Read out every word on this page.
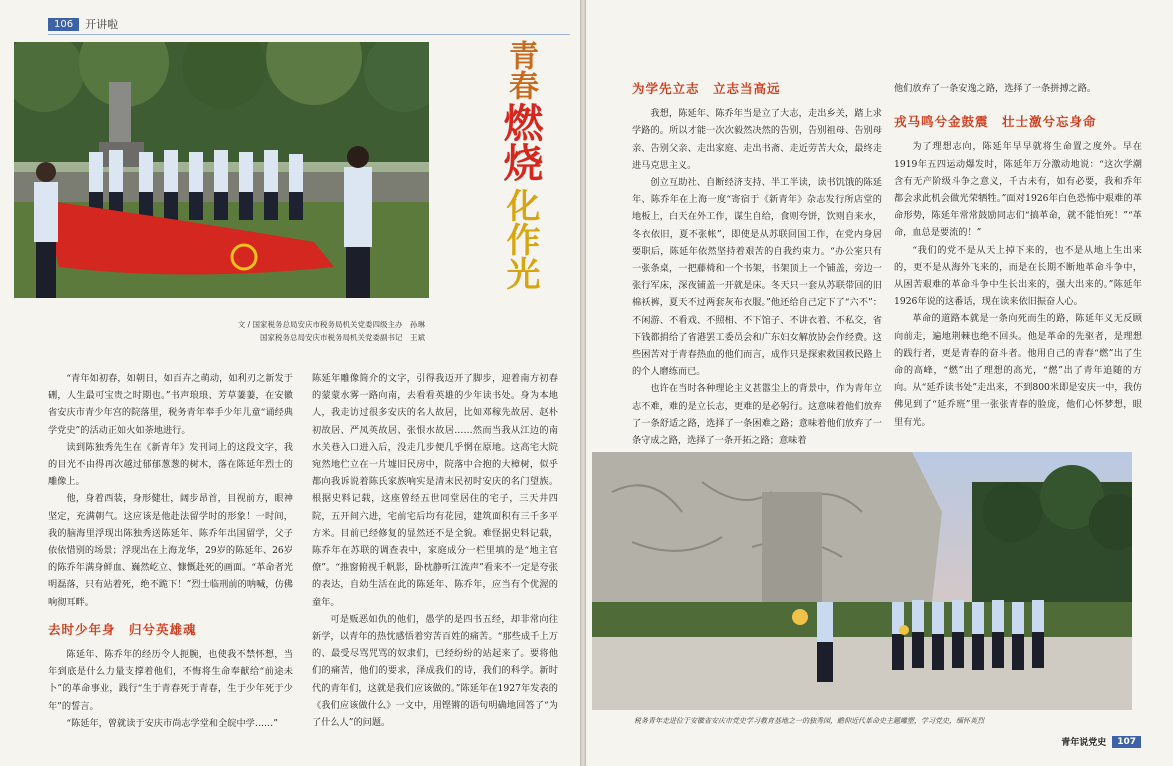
106	开讲啦
青春
燃烧
化作光
文 / 国家税务总局安庆市税务局机关党委四级主办　孙琳
国家税务总局安庆市税务局机关党委副书记　王斌

“青年如初春，如朝日，如百卉之萌动，如利刃之新发于硎，人生最可宝贵之时期也。”书声琅琅、芳草萋萋，在安徽省安庆市青少年宫的院落里，税务青年奉手少年儿童“诵经典 学党史”的活动正如火如荼地进行。

读到陈独秀先生在《新青年》发刊词上的这段文字，我的目光不由得再次越过郁郁葱葱的树木，落在陈延年烈士的雕像上。

他，身着西装，身形健壮，阔步昂首，目视前方，眼神坚定，充满朝气。这应该是他赴法留学时的形象！一时间，我的脑海里浮现出陈独秀送陈延年、陈乔年出国留学，父子依依惜别的场景；浮现出在上海龙华，29岁的陈延年、26岁的陈乔年满身鲜血、巍然屹立、慷慨赴死的画面。“革命者光明磊落，只有站着死，绝不跪下！”烈士临刑前的呐喊，仿佛响彻耳畔。

去时少年身　归兮英雄魂

陈延年、陈乔年的经历令人扼腕，也使我不禁怀想，当年到底是什么力量支撑着他们，不悔将生命奉献给“前途未卜”的革命事业，践行“生于青春死于青春，生于少年死于少年”的誓言。

“陈延年，曾就读于安庆市尚志学堂和全皖中学……”

陈延年雕像简介的文字，引得我迈开了脚步，迎着南方初春的蒙蒙水雾一路向南，去看看英雄的少年读书处。身为本地人，我走访过很多安庆的名人故居，比如邓稼先故居、赵朴初故居、严凤英故居、张恨水故居……然而当我从江边的南水关巷入口进入后，没走几步便几乎惘在原地。这高宅大院宛然地伫立在一片墟旧民房中，院落中合抱的大樟树，似乎都向我诉说着陈氏家族响实是清末民初时安庆的名门望族。根据史料记载，这座曾经五世同堂居住的宅子，三天井四院，五开间六进，宅前宅后均有花园，建筑面积有三千多平方米。目前已经修复的显然还不是全貌。难怪据史料记载，陈乔年在苏联的调查表中，家庭成分一栏里填的是“地主官僚”。“推窗俯视千帆影，卧枕静听江流声”看来不一定是夸张的表达，自幼生活在此的陈延年、陈乔年，应当有个优渥的童年。

可是贩恶如仇的他们，愚学的是四书五经，却非常向往新学，以青年的热忱感悟着穷苦百姓的痛苦。“那些成千上万的、最受尽骂咒骂的奴隶们，已经纷纷的站起来了。要将他们的痛苦，他们的要求，泽成我们的诗，我们的科学。新时代的青年们，这就是我们应该做的。”陈延年在1927年发表的《我们应该做什么》一文中，用铿锵的语句明确地回答了“为了什么人”的问题。

为学先立志　立志当高远

我想，陈延年、陈乔年当是立了大志，走出乡关，踏上求学路的。所以才能一次次毅然决然的告别，告别祖母、告别母亲、告别父亲、走出家庭、走出书斋、走近劳苦大众，最终走进马克思主义。

创立互助社、自断经济支持、半工半读，读书饥饿的陈延年、陈乔年在上海一度“寄宿于《新青年》杂志发行所店堂的地板上，白天在外工作，谋生自给，食则夸饼，饮则自来水，冬衣依旧，夏不张帐”，即使是从苏联回国工作，在党内身居要职后，陈延年依然坚持着艰苦的自我约束力。“办公室只有一张条桌，一把藤椅和一个书架，书架顶上一个铺盖，旁边一张行军床，深夜铺盖一开就是床。冬天只一套从苏联带回的旧棉袄裤，夏天不过两套灰布衣服。”他还给自己定下了“六不”：不闲游、不看戏、不照相、不下馆子、不讲衣着、不私交，省下钱都捐给了省港罢工委员会和广东妇女解放协会作经费。这些困苦对于青春热血的他们而言，成作只是探索救国救民路上的个人磨练而已。

也许在当时各种理论主义甚嚣尘上的背景中，作为青年立志不难，难的是立长志，更难的是必躬行。这意味着他们放弃了一条舒适之路，选择了一条困难之路；意味着他们放弃了一条守成之路，选择了一条开拓之路；意味着

他们放弃了一条安逸之路，选择了一条拼搏之路。

戎马鸣兮金鼓震　壮士激兮忘身命

为了理想志向，陈延年早早就将生命置之度外。早在1919年五四运动爆发时，陈延年万分激动地说：“这次学潮含有无产阶级斗争之意义，千古未有，如有必要，我和乔年都会求此机会做光荣牺牲。”面对1926年白色恐怖中艰难的革命形势，陈延年常常鼓励同志们“搞革命，就不能怕死！”“革命，血总是要流的！”

“我们的党不是从天上掉下来的，也不是从地上生出来的，更不是从海外飞来的，而是在长期不断地革命斗争中，从困苦艰难的革命斗争中生长出来的，强大出来的。”陈延年1926年说的这番话，现在读来依旧振奋人心。

革命的道路本就是一条向死而生的路，陈延年义无反顾向前走，遍地荆棘也绝不回头。他是革命的先驱者，是理想的践行者，更是青春的奋斗者。他用自己的青春“燃”出了生命的高峰，“燃”出了理想的高光，“燃”出了青年追随的方向。从“延乔读书处”走出来，不到800米即是安庆一中，我仿佛见到了“延乔班”里一张张青春的脸庞，他们心怀梦想，眼里有光。

税务青年走进位于安徽省安庆市党史学习教育基地之一的独秀园，瞻仰近代革命史主题雕塑，学习党史，缅怀英烈
青年说党史	107
